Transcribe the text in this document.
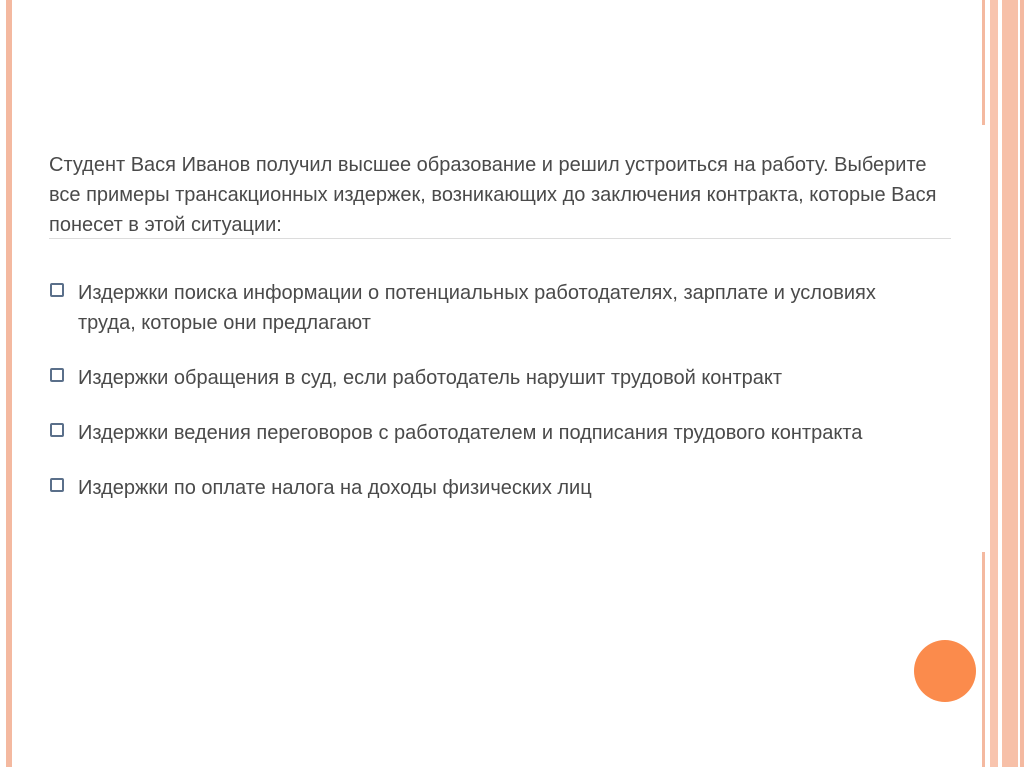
Студент Вася Иванов получил высшее образование и решил устроиться на работу. Выберите все примеры трансакционных издержек, возникающих до заключения контракта, которые Вася понесет в этой ситуации:
Издержки поиска информации о потенциальных работодателях, зарплате и условиях труда, которые они предлагают
Издержки обращения в суд, если работодатель нарушит трудовой контракт
Издержки ведения переговоров с работодателем и подписания трудового контракта
Издержки по оплате налога на доходы физических лиц
